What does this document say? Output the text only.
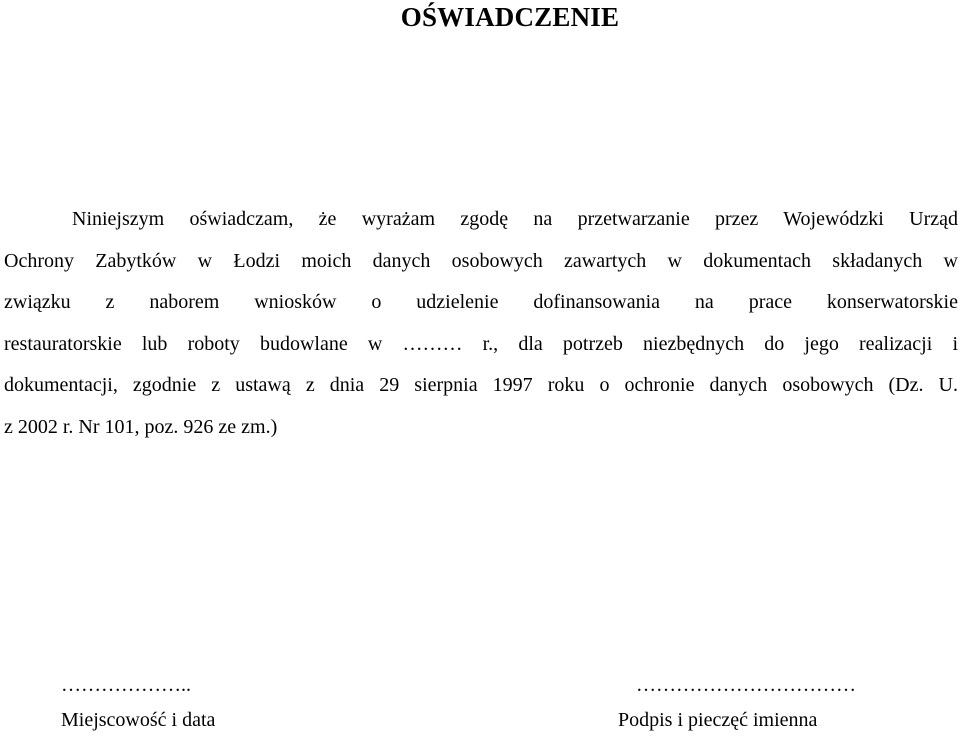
OŚWIADCZENIE
Niniejszym oświadczam, że wyrażam zgodę na przetwarzanie przez Wojewódzki Urząd
Ochrony Zabytków w Łodzi moich danych osobowych zawartych w dokumentach składanych w
związku z naborem wniosków o udzielenie dofinansowania na prace konserwatorskie
restauratorskie lub roboty budowlane w ……… r., dla potrzeb niezbędnych do jego realizacji i
dokumentacji, zgodnie z ustawą z dnia 29 sierpnia 1997 roku o ochronie danych osobowych (Dz. U.
z 2002 r. Nr 101, poz. 926 ze zm.)
………………..
Miejscowość i data
……………………………
Podpis i pieczęć imienna
